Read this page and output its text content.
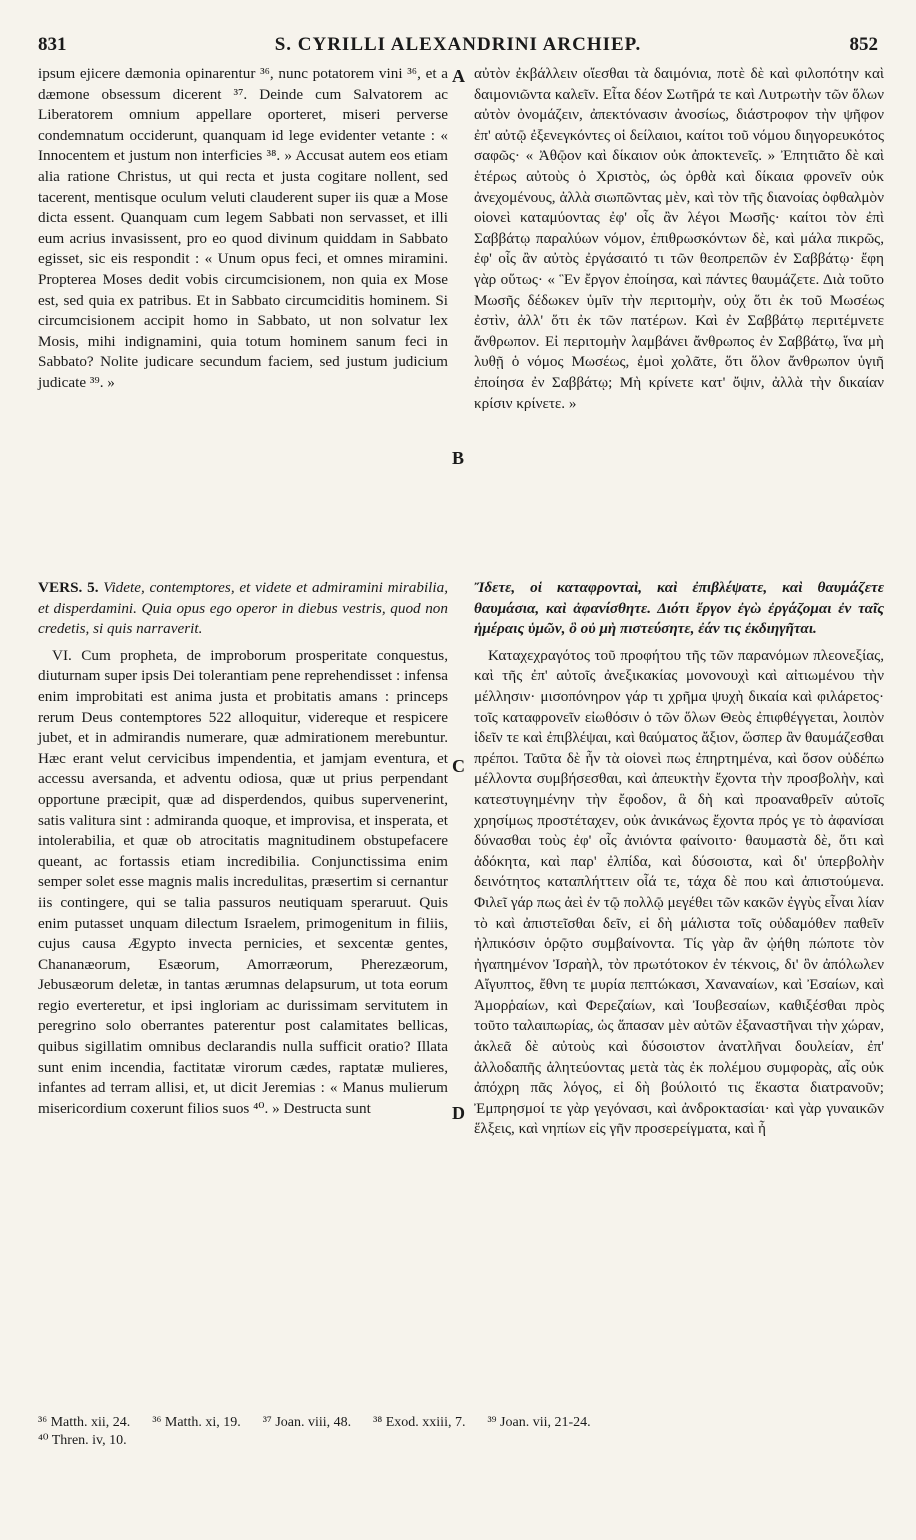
831	S. CYRILLI ALEXANDRINI ARCHIEP.	852
A
B
C
D

ipsum ejicere dæmonia opinarentur ³⁶, nunc potatorem vini ³⁶, et a dæmone obsessum dicerent ³⁷. Deinde cum Salvatorem ac Liberatorem omnium appellare oporteret, miseri perverse condemnatum occiderunt, quanquam id lege evidenter vetante : « Innocentem et justum non interficies ³⁸. » Accusat autem eos etiam alia ratione Christus, ut qui recta et justa cogitare nollent, sed tacerent, mentisque oculum veluti clauderent super iis quæ a Mose dicta essent. Quanquam cum legem Sabbati non servasset, et illi eum acrius invasissent, pro eo quod divinum quiddam in Sabbato egisset, sic eis respondit : « Unum opus feci, et omnes miramini. Propterea Moses dedit vobis circumcisionem, non quia ex Mose est, sed quia ex patribus. Et in Sabbato circumciditis hominem. Si circumcisionem accipit homo in Sabbato, ut non solvatur lex Mosis, mihi indignamini, quia totum hominem sanum feci in Sabbato? Nolite judicare secundum faciem, sed justum judicium judicate ³⁹. »

αὐτὸν ἐκβάλλειν οἴεσθαι τὰ δαιμόνια, ποτὲ δὲ καὶ φιλοπότην καὶ δαιμονιῶντα καλεῖν. Εἶτα δέον Σωτῆρά τε καὶ Λυτρωτὴν τῶν ὅλων αὐτὸν ὀνομάζειν, ἀπεκτόνασιν ἀνοσίως, διάστροφον τὴν ψῆφον ἐπ' αὐτῷ ἐξενεγκόντες οἱ δείλαιοι, καίτοι τοῦ νόμου διηγορευκότος σαφῶς· « Ἀθῷον καὶ δίκαιον οὐκ ἀποκτενεῖς. » Ἐπητιᾶτο δὲ καὶ ἑτέρως αὐτοὺς ὁ Χριστὸς, ὡς ὀρθὰ καὶ δίκαια φρονεῖν οὐκ ἀνεχομένους, ἀλλὰ σιωπῶντας μὲν, καὶ τὸν τῆς διανοίας ὀφθαλμὸν οἱονεὶ καταμύοντας ἐφ' οἷς ἂν λέγοι Μωσῆς· καίτοι τὸν ἐπὶ Σαββάτῳ παραλύων νόμον, ἐπιθρωσκόντων δὲ, καὶ μάλα πικρῶς, ἐφ' οἷς ἂν αὐτὸς ἐργάσαιτό τι τῶν θεοπρεπῶν ἐν Σαββάτῳ· ἔφη γὰρ οὕτως· « Ἓν ἔργον ἐποίησα, καὶ πάντες θαυμάζετε. Διὰ τοῦτο Μωσῆς δέδωκεν ὑμῖν τὴν περιτομὴν, οὐχ ὅτι ἐκ τοῦ Μωσέως ἐστὶν, ἀλλ' ὅτι ἐκ τῶν πατέρων. Καὶ ἐν Σαββάτῳ περιτέμνετε ἄνθρωπον. Εἰ περιτομὴν λαμβάνει ἄνθρωπος ἐν Σαββάτῳ, ἵνα μὴ λυθῇ ὁ νόμος Μωσέως, ἐμοὶ χολᾶτε, ὅτι ὅλον ἄνθρωπον ὑγιῆ ἐποίησα ἐν Σαββάτῳ; Μὴ κρίνετε κατ' ὄψιν, ἀλλὰ τὴν δικαίαν κρίσιν κρίνετε. »

VERS. 5. Videte, contemptores, et videte et admiramini mirabilia, et disperdamini. Quia opus ego operor in diebus vestris, quod non credetis, si quis narraverit.

VI. Cum propheta, de improborum prosperitate conquestus, diuturnam super ipsis Dei tolerantiam pene reprehendisset : infensa enim improbitati est anima justa et probitatis amans : princeps rerum Deus contemptores 522 alloquitur, videreque et respicere jubet, et in admirandis numerare, quæ admirationem merebuntur. Hæc erant velut cervicibus impendentia, et jamjam eventura, et accessu aversanda, et adventu odiosa, quæ ut prius perpendant opportune præcipit, quæ ad disperdendos, quibus supervenerint, satis valitura sint : admiranda quoque, et improvisa, et insperata, et intolerabilia, et quæ ob atrocitatis magnitudinem obstupefacere queant, ac fortassis etiam incredibilia. Conjunctissima enim semper solet esse magnis malis incredulitas, præsertim si cernantur iis contingere, qui se talia passuros neutiquam speraruut. Quis enim putasset unquam dilectum Israelem, primogenitum in filiis, cujus causa Ægypto invecta pernicies, et sexcentæ gentes, Chananæorum, Esæorum, Amorræorum, Pherezæorum, Jebusæorum deletæ, in tantas ærumnas delapsurum, ut tota eorum regio everteretur, et ipsi ingloriam ac durissimam servitutem in peregrino solo oberrantes paterentur post calamitates bellicas, quibus sigillatim omnibus declarandis nulla sufficit oratio? Illata sunt enim incendia, factitatæ virorum cædes, raptatæ mulieres, infantes ad terram allisi, et, ut dicit Jeremias : « Manus mulierum misericordium coxerunt filios suos ⁴⁰. » Destructa sunt

Ἴδετε, οἱ καταφρονταὶ, καὶ ἐπιβλέψατε, καὶ θαυμάζετε θαυμάσια, καὶ ἀφανίσθητε. Διότι ἔργον ἐγὼ ἐργάζομαι ἐν ταῖς ἡμέραις ὑμῶν, ὃ οὐ μὴ πιστεύσητε, ἐάν τις ἐκδιηγῆται.

Καταχεχραγότος τοῦ προφήτου τῆς τῶν παρανόμων πλεονεξίας, καὶ τῆς ἐπ' αὐτοῖς ἀνεξικακίας μονονουχὶ καὶ αἰτιωμένου τὴν μέλλησιν· μισοπόνηρον γάρ τι χρῆμα ψυχὴ δικαία καὶ φιλάρετος· τοῖς καταφρονεῖν εἰωθόσιν ὁ τῶν ὅλων Θεὸς ἐπιφθέγγεται, λοιπὸν ἰδεῖν τε καὶ ἐπιβλέψαι, καὶ θαύματος ἄξιον, ὥσπερ ἂν θαυμάζεσθαι πρέποι. Ταῦτα δὲ ἦν τὰ οἱονεὶ πως ἐπηρτημένα, καὶ ὅσον οὐδέπω μέλλοντα συμβήσεσθαι, καὶ ἀπευκτὴν ἔχοντα τὴν προσβολὴν, καὶ κατεστυγημένην τὴν ἔφοδον, ἃ δὴ καὶ προαναθρεῖν αὐτοῖς χρησίμως προστέταχεν, οὐκ ἀνικάνως ἔχοντα πρός γε τὸ ἀφανίσαι δύνασθαι τοὺς ἐφ' οἷς ἀνιόντα φαίνοιτο· θαυμαστὰ δὲ, ὅτι καὶ ἀδόκητα, καὶ παρ' ἐλπίδα, καὶ δύσοιστα, καὶ δι' ὑπερβολὴν δεινότητος καταπλήττειν οἷά τε, τάχα δὲ που καὶ ἀπιστούμενα. Φιλεῖ γάρ πως ἀεὶ ἐν τῷ πολλῷ μεγέθει τῶν κακῶν ἐγγὺς εἶναι λίαν τὸ καὶ ἀπιστεῖσθαι δεῖν, εἰ δὴ μάλιστα τοῖς οὐδαμόθεν παθεῖν ἠλπικόσιν ὁρῷτο συμβαίνοντα. Τίς γὰρ ἂν ᾠήθη πώποτε τὸν ἠγαπημένον Ἰσραὴλ, τὸν πρωτότοκον ἐν τέκνοις, δι' ὃν ἀπόλωλεν Αἴγυπτος, ἔθνη τε μυρία πεπτώκασι, Χαναναίων, καὶ Ἐσαίων, καὶ Ἀμορῥαίων, καὶ Φερεζαίων, καὶ Ἰουβεσαίων, καθιξέσθαι πρὸς τοῦτο ταλαιπωρίας, ὡς ἅπασαν μὲν αὐτῶν ἐξαναστῆναι τὴν χώραν, ἀκλεᾶ δὲ αὐτοὺς καὶ δύσοιστον ἀνατλῆναι δουλείαν, ἐπ' ἀλλοδαπῆς ἀλητεύοντας μετὰ τὰς ἐκ πολέμου συμφορὰς, αἷς οὐκ ἀπόχρη πᾶς λόγος, εἰ δὴ βούλοιτό τις ἕκαστα διατρανοῦν; Ἐμπρησμοί τε γὰρ γεγόνασι, καὶ ἀνδροκτασίαι· καὶ γὰρ γυναικῶν ἕλξεις, καὶ νηπίων εἰς γῆν προσερείγματα, καὶ ἦ

³⁶ Matth. xii, 24. ³⁶ Matth. xi, 19. ³⁷ Joan. viii, 48. ³⁸ Exod. xxiii, 7. ³⁹ Joan. vii, 21-24.
⁴⁰ Thren. iv, 10.
